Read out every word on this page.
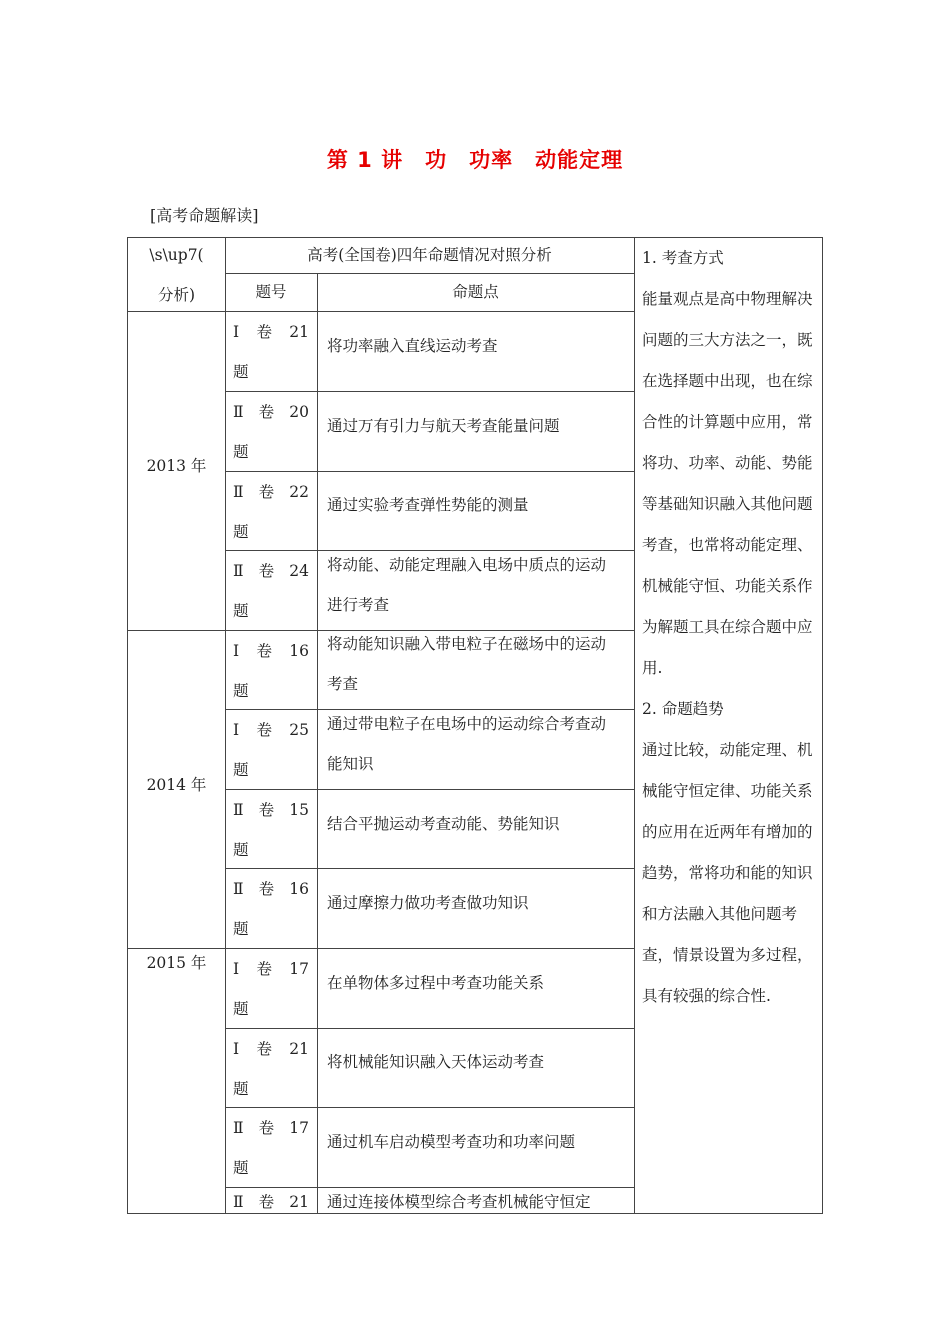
第 1 讲　功　功率　动能定理
[高考命题解读]
\s\up7(
分析)
高考(全国卷)四年命题情况对照分析
题号	命题点
2013 年
2014 年
2015 年
Ⅰ 卷 21
题
Ⅱ 卷 20
题
Ⅱ 卷 22
题
Ⅱ 卷 24
题
Ⅰ 卷 16
题
Ⅰ 卷 25
题
Ⅱ 卷 15
题
Ⅱ 卷 16
题
Ⅰ 卷 17
题
Ⅰ 卷 21
题
Ⅱ 卷 17
题
Ⅱ 卷 21
将功率融入直线运动考查
通过万有引力与航天考查能量问题
通过实验考查弹性势能的测量
将动能、动能定理融入电场中质点的运动进行考查
将动能知识融入带电粒子在磁场中的运动考查
通过带电粒子在电场中的运动综合考查动能知识
结合平抛运动考查动能、势能知识
通过摩擦力做功考查做功知识
在单物体多过程中考查功能关系
将机械能知识融入天体运动考查
通过机车启动模型考查功和功率问题
通过连接体模型综合考查机械能守恒定

1. 考查方式

能量观点是高中物理解决问题的三大方法之一，既在选择题中出现，也在综合性的计算题中应用，常将功、功率、动能、势能等基础知识融入其他问题考查，也常将动能定理、机械能守恒、功能关系作为解题工具在综合题中应用.

2. 命题趋势

通过比较，动能定理、机械能守恒定律、功能关系的应用在近两年有增加的趋势，常将功和能的知识和方法融入其他问题考查，情景设置为多过程，具有较强的综合性.
